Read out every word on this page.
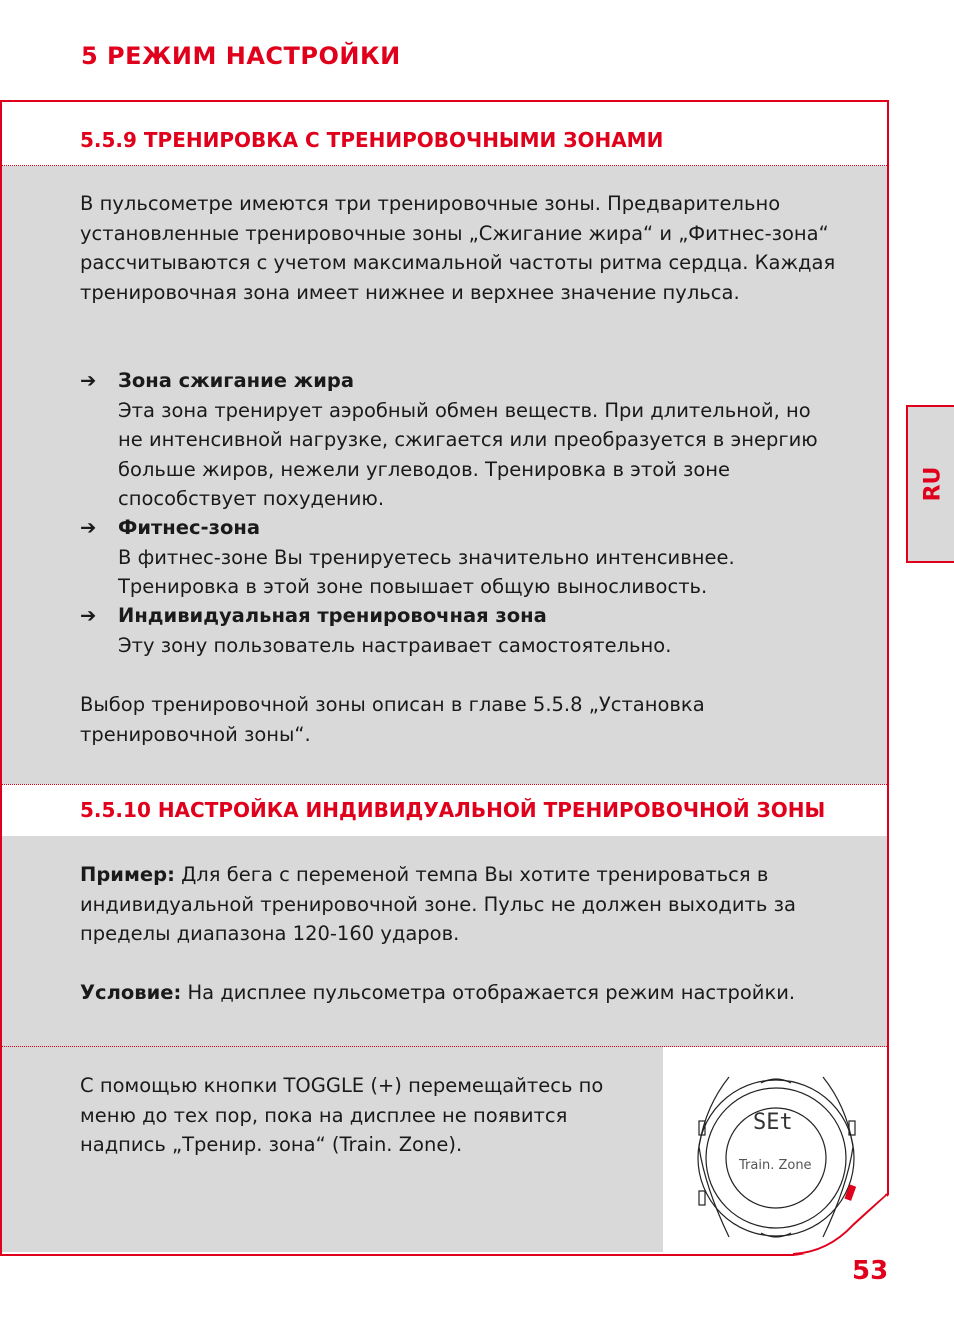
5 РЕЖИМ НАСТРОЙКИ
5.5.9 ТРЕНИРОВКА С ТРЕНИРОВОЧНЫМИ ЗОНАМИ
В пульсометре имеются три тренировочные зоны. Предварительно установленные тренировочные зоны „Сжигание жира“ и „Фитнес-зона“ рассчитываются с учетом максимальной частоты ритма сердца. Каждая тренировочная зона имеет нижнее и верхнее значение пульса.
➔ Зона сжигание жира
Эта зона тренирует аэробный обмен веществ. При длительной, но не интенсивной нагрузке, сжигается или преобразуется в энергию больше жиров, нежели углеводов. Тренировка в этой зоне способствует похудению.
➔ Фитнес-зона
В фитнес-зоне Вы тренируетесь значительно интенсивнее. Тренировка в этой зоне повышает общую выносливость.
➔ Индивидуальная тренировочная зона
Эту зону пользователь настраивает самостоятельно.
Выбор тренировочной зоны описан в главе 5.5.8 „Установка тренировочной зоны“.
5.5.10 НАСТРОЙКА ИНДИВИДУАЛЬНОЙ ТРЕНИРОВОЧНОЙ ЗОНЫ
Пример: Для бега с переменой темпа Вы хотите тренироваться в индивидуальной тренировочной зоне. Пульс не должен выходить за пределы диапазона 120-160 ударов.
Условие: На дисплее пульсометра отображается режим настройки.
С помощью кнопки TOGGLE (+) перемещайтесь по меню до тех пор, пока на дисплее не появится надпись „Тренир. зона“ (Train. Zone).
SEt
Train. Zone
RU
53
